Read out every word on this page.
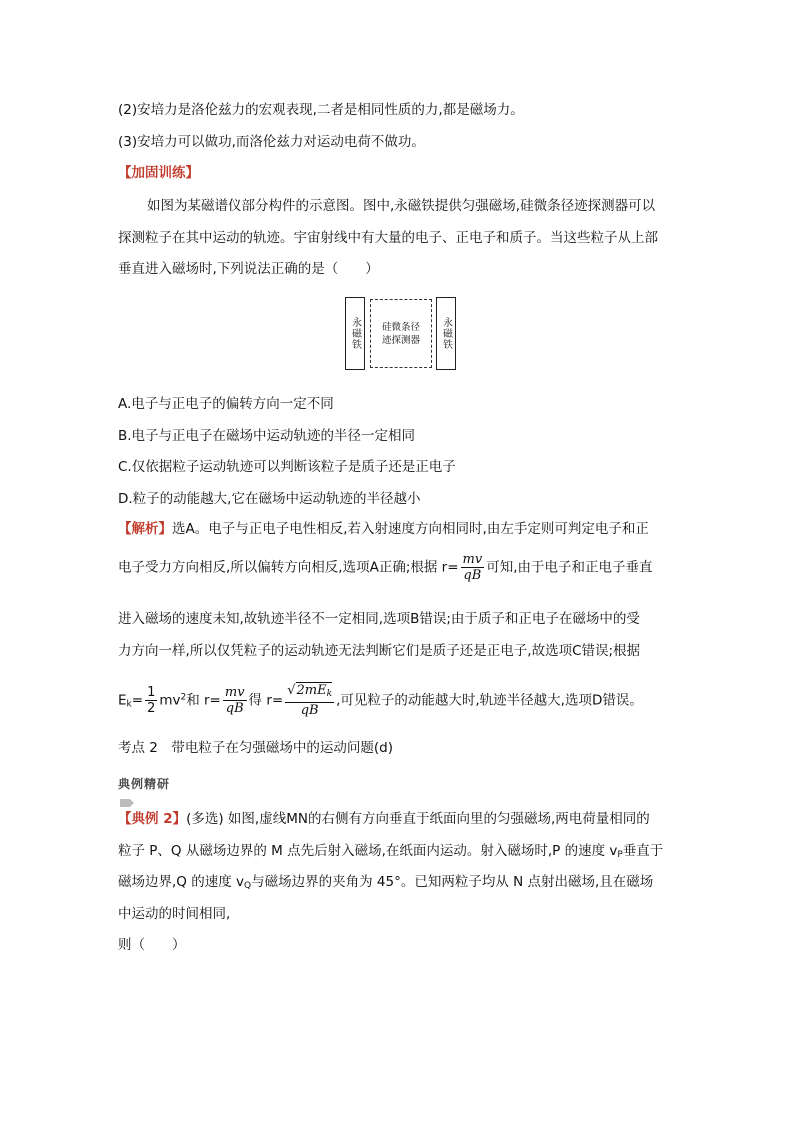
(2)安培力是洛伦兹力的宏观表现,二者是相同性质的力,都是磁场力。
(3)安培力可以做功,而洛伦兹力对运动电荷不做功。
【加固训练】
如图为某磁谱仪部分构件的示意图。图中,永磁铁提供匀强磁场,硅微条径迹探测器可以
探测粒子在其中运动的轨迹。宇宙射线中有大量的电子、正电子和质子。当这些粒子从上部
垂直进入磁场时,下列说法正确的是（　　）
永磁铁 硅微条径
迹探测器 永磁铁
A.电子与正电子的偏转方向一定不同
B.电子与正电子在磁场中运动轨迹的半径一定相同
C.仅依据粒子运动轨迹可以判断该粒子是质子还是正电子
D.粒子的动能越大,它在磁场中运动轨迹的半径越小
【解析】选A。电子与正电子电性相反,若入射速度方向相同时,由左手定则可判定电子和正
电子受力方向相反,所以偏转方向相反,选项A正确;根据 $r= \frac{mv}{qB}$ 可知,由于电子和正电子垂直
进入磁场的速度未知,故轨迹半径不一定相同,选项B错误;由于质子和正电子在磁场中的受
力方向一样,所以仅凭粒子的运动轨迹无法判断它们是质子还是正电子,故选项C错误;根据
$E_k= \frac{1}{2} mv^2$和 $r= \frac{mv}{qB}$ 得 $r= \frac{√2mE_k}{qB}$ ,可见粒子的动能越大时,轨迹半径越大,选项D错误。
考点 2　带电粒子在匀强磁场中的运动问题(d)
典例精研
【典例 2】(多选) 如图,虚线MN的右侧有方向垂直于纸面向里的匀强磁场,两电荷量相同的
粒子 P、Q 从磁场边界的 M 点先后射入磁场,在纸面内运动。射入磁场时,P 的速度 $v_P$垂直于
磁场边界,Q 的速度 $v_Q$与磁场边界的夹角为 45°。已知两粒子均从 N 点射出磁场,且在磁场
中运动的时间相同,
则（　　）
